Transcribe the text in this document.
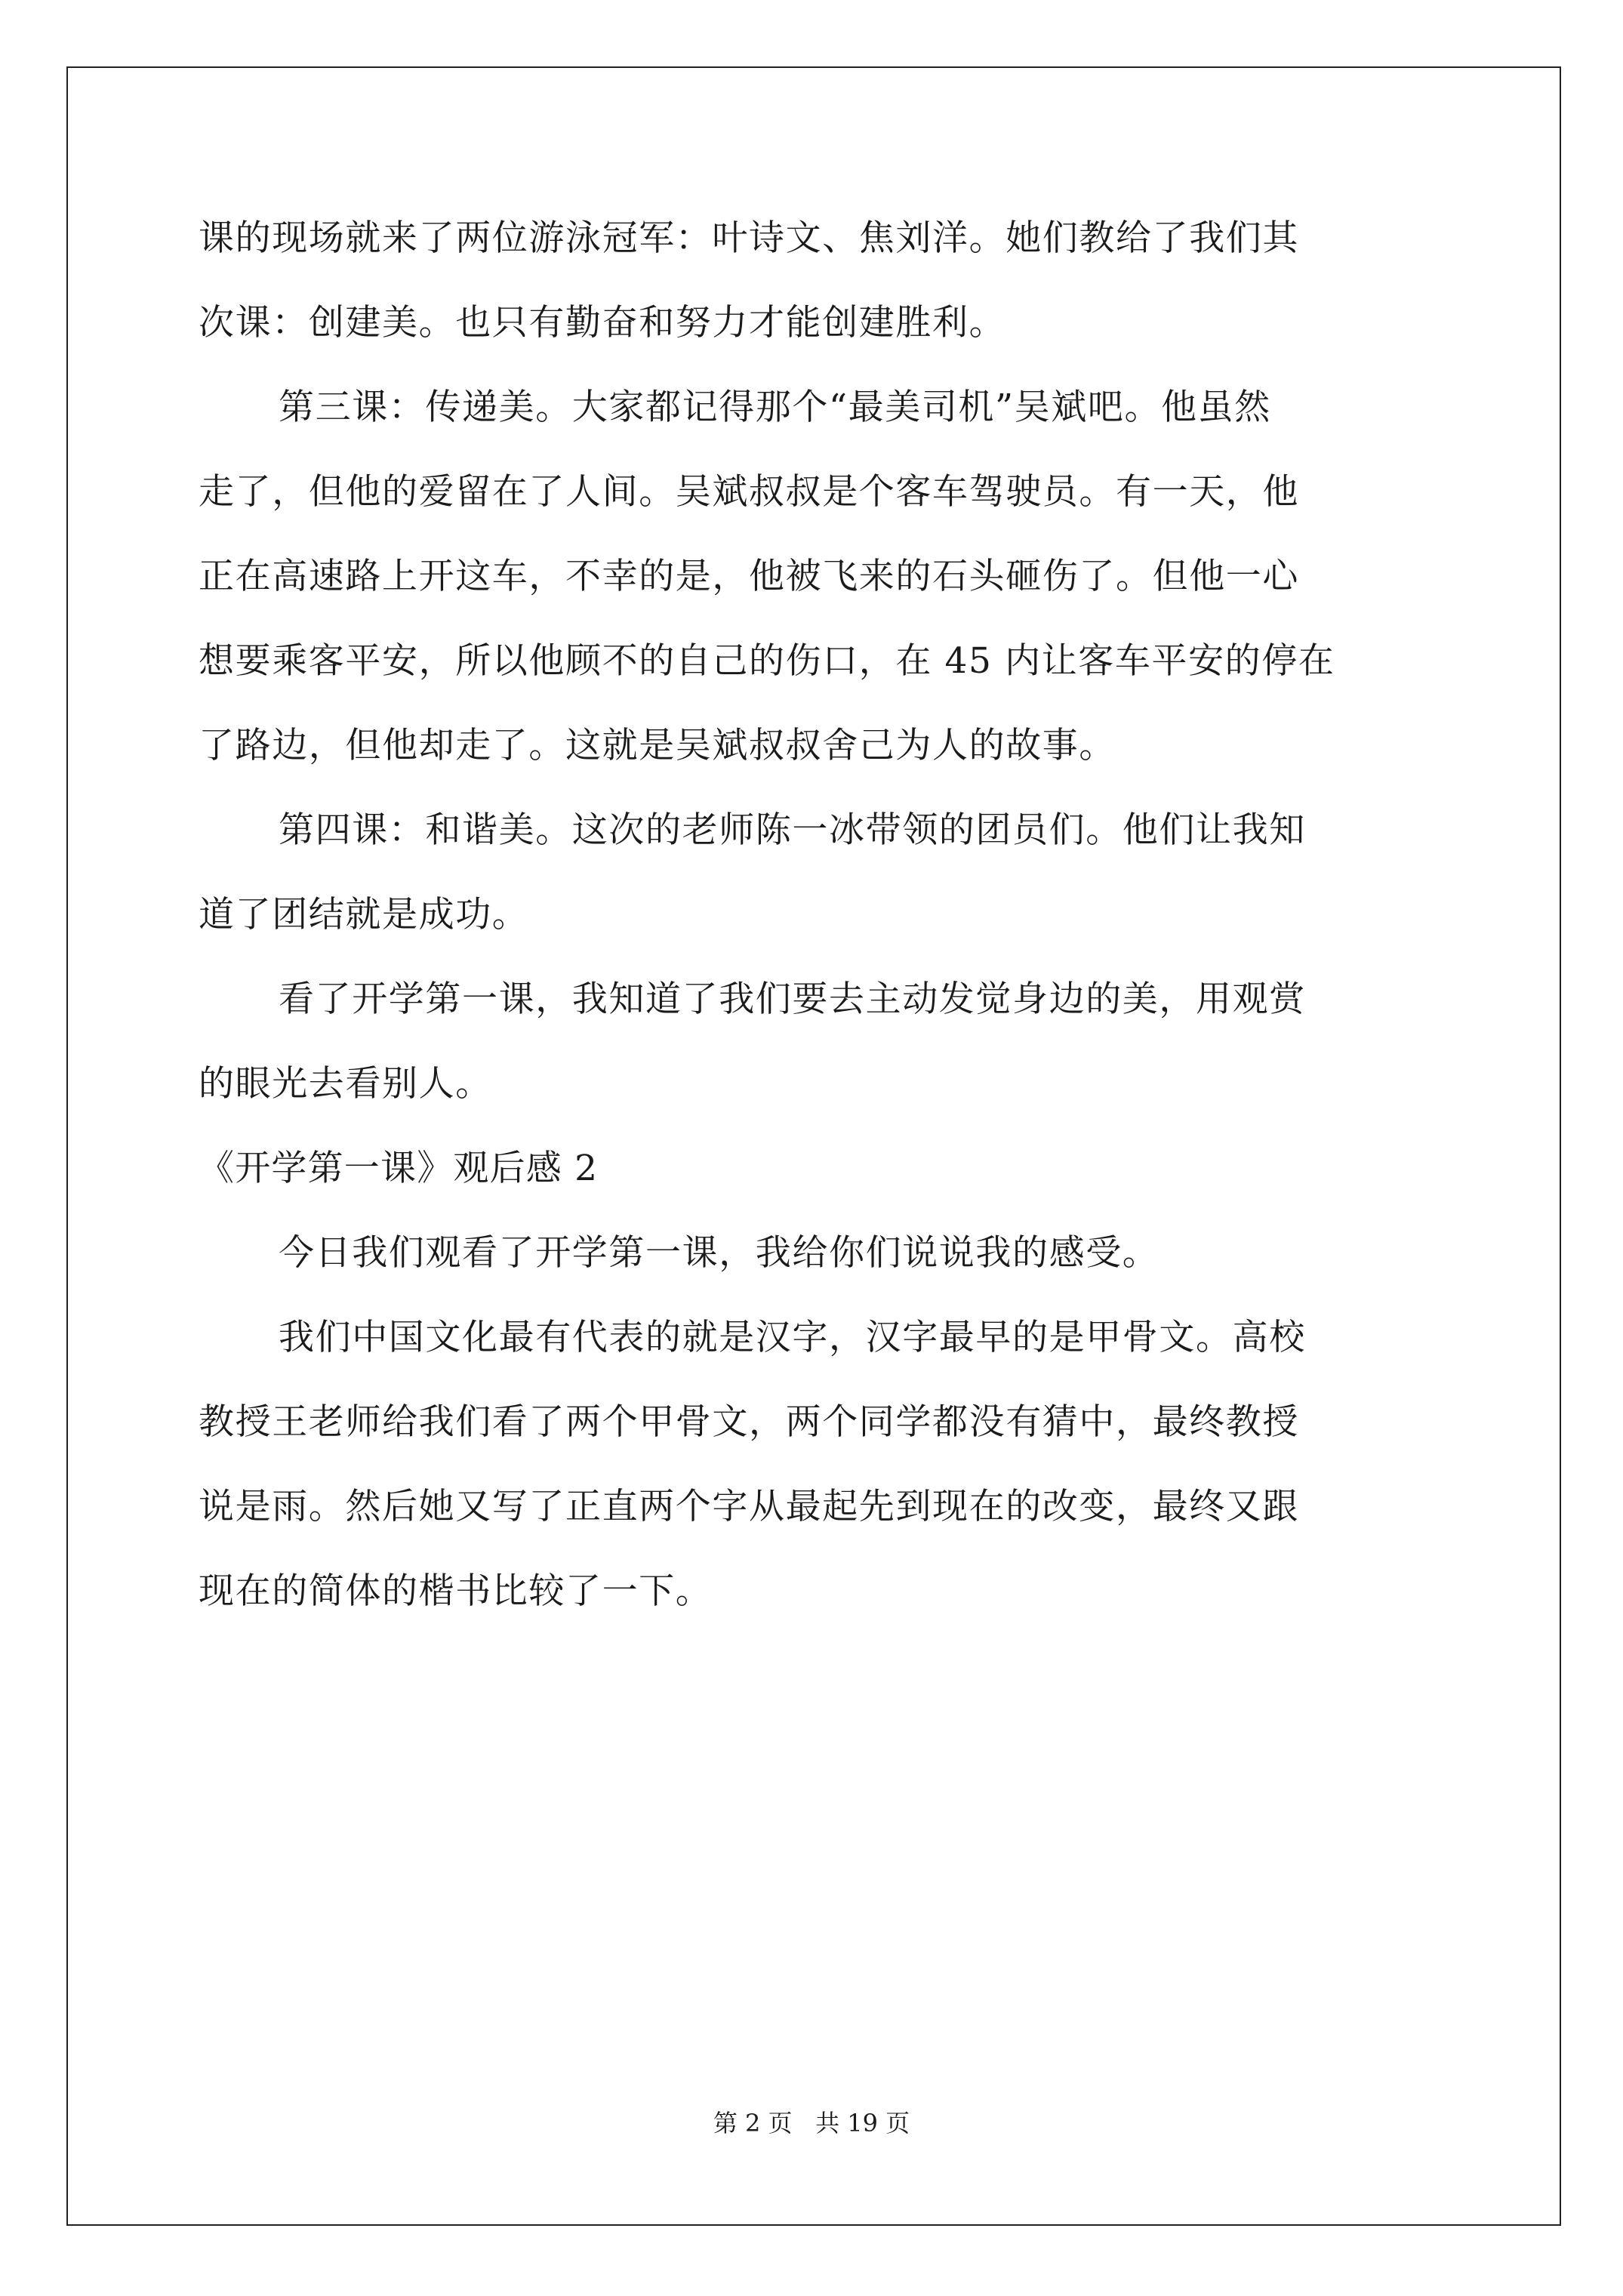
课的现场就来了两位游泳冠军：叶诗文、焦刘洋。她们教给了我们其
次课：创建美。也只有勤奋和努力才能创建胜利。
第三课：传递美。大家都记得那个“最美司机”吴斌吧。他虽然
走了，但他的爱留在了人间。吴斌叔叔是个客车驾驶员。有一天，他
正在高速路上开这车，不幸的是，他被飞来的石头砸伤了。但他一心
想要乘客平安，所以他顾不的自己的伤口，在 45 内让客车平安的停在
了路边，但他却走了。这就是吴斌叔叔舍己为人的故事。
第四课：和谐美。这次的老师陈一冰带领的团员们。他们让我知
道了团结就是成功。
看了开学第一课，我知道了我们要去主动发觉身边的美，用观赏
的眼光去看别人。
《开学第一课》观后感 2
今日我们观看了开学第一课，我给你们说说我的感受。
我们中国文化最有代表的就是汉字，汉字最早的是甲骨文。高校
教授王老师给我们看了两个甲骨文，两个同学都没有猜中，最终教授
说是雨。然后她又写了正直两个字从最起先到现在的改变，最终又跟
现在的简体的楷书比较了一下。
第 2 页 共 19 页
